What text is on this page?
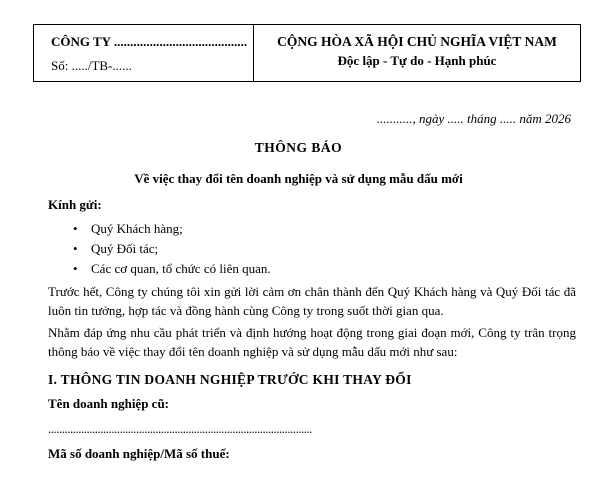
CÔNG TY .........................................
Số: ...../TB-......

CỘNG HÒA XÃ HỘI CHỦ NGHĨA VIỆT NAM
Độc lập - Tự do - Hạnh phúc
..........., ngày ..... tháng ..... năm 2026
THÔNG BÁO
Về việc thay đổi tên doanh nghiệp và sử dụng mẫu dấu mới
Kính gửi:
• Quý Khách hàng;
• Quý Đối tác;
• Các cơ quan, tổ chức có liên quan.
Trước hết, Công ty chúng tôi xin gửi lời cảm ơn chân thành đến Quý Khách hàng và Quý Đối tác đã luôn tin tưởng, hợp tác và đồng hành cùng Công ty trong suốt thời gian qua.
Nhằm đáp ứng nhu cầu phát triển và định hướng hoạt động trong giai đoạn mới, Công ty trân trọng thông báo về việc thay đổi tên doanh nghiệp và sử dụng mẫu dấu mới như sau:
I. THÔNG TIN DOANH NGHIỆP TRƯỚC KHI THAY ĐỔI
Tên doanh nghiệp cũ:
................................................................................................
Mã số doanh nghiệp/Mã số thuế:
